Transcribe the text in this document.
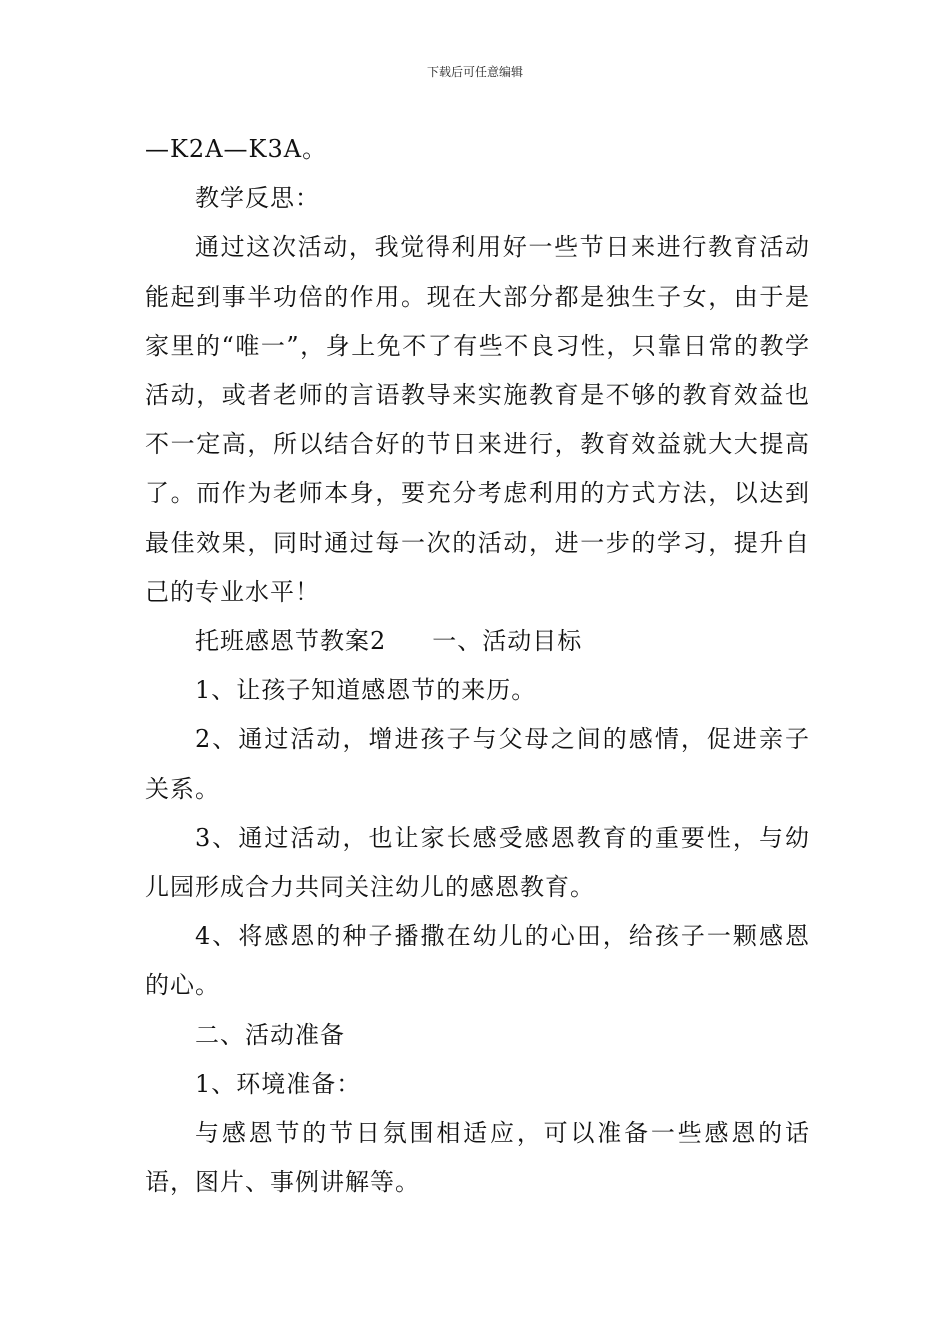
下载后可任意编辑

—K2A—K3A。

教学反思：

通过这次活动，我觉得利用好一些节日来进行教育活动能起到事半功倍的作用。现在大部分都是独生子女，由于是家里的“唯一”，身上免不了有些不良习性，只靠日常的教学活动，或者老师的言语教导来实施教育是不够的教育效益也不一定高，所以结合好的节日来进行，教育效益就大大提高了。而作为老师本身，要充分考虑利用的方式方法，以达到最佳效果，同时通过每一次的活动，进一步的学习，提升自己的专业水平！

托班感恩节教案2 一、活动目标

1、让孩子知道感恩节的来历。

2、通过活动，增进孩子与父母之间的感情，促进亲子关系。

3、通过活动，也让家长感受感恩教育的重要性，与幼儿园形成合力共同关注幼儿的感恩教育。

4、将感恩的种子播撒在幼儿的心田，给孩子一颗感恩的心。

二、活动准备

1、环境准备：

与感恩节的节日氛围相适应，可以准备一些感恩的话语，图片、事例讲解等。
